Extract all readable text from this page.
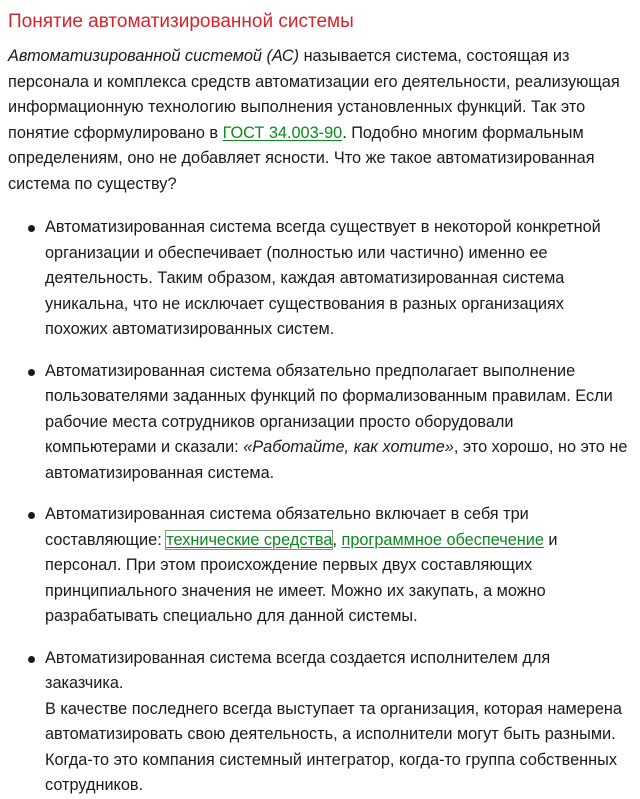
Понятие автоматизированной системы

Автоматизированной системой (АС) называется система, состоящая из персонала и комплекса средств автоматизации его деятельности, реализующая информационную технологию выполнения установленных функций. Так это понятие сформулировано в ГОСТ 34.003-90. Подобно многим формальным определениям, оно не добавляет ясности. Что же такое автоматизированная система по существу?

Автоматизированная система всегда существует в некоторой конкретной организации и обеспечивает (полностью или частично) именно ее деятельность. Таким образом, каждая автоматизированная система уникальна, что не исключает существования в разных организациях похожих автоматизированных систем.
Автоматизированная система обязательно предполагает выполнение пользователями заданных функций по формализованным правилам. Если рабочие места сотрудников организации просто оборудовали компьютерами и сказали: «Работайте, как хотите», это хорошо, но это не автоматизированная система.
Автоматизированная система обязательно включает в себя три составляющие: технические средства, программное обеспечение и персонал. При этом происхождение первых двух составляющих принципиального значения не имеет. Можно их закупать, а можно разрабатывать специально для данной системы.
Автоматизированная система всегда создается исполнителем для заказчика.
В качестве последнего всегда выступает та организация, которая намерена автоматизировать свою деятельность, а исполнители могут быть разными. Когда-то это компания системный интегратор, когда-то группа собственных сотрудников.
